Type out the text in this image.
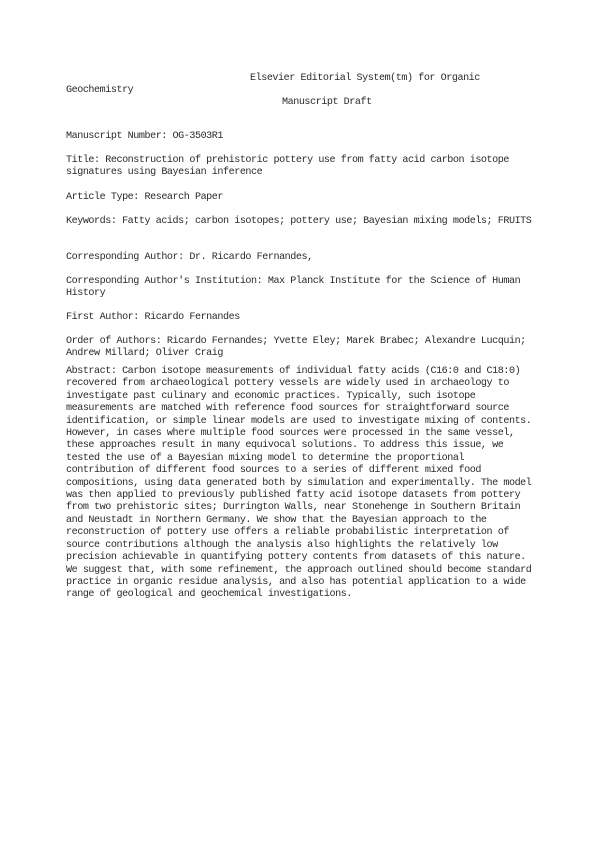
Elsevier Editorial System(tm) for Organic
Geochemistry
Manuscript Draft
Manuscript Number: OG-3503R1
Title: Reconstruction of prehistoric pottery use from fatty acid carbon isotope signatures using Bayesian inference
Article Type: Research Paper
Keywords: Fatty acids; carbon isotopes; pottery use; Bayesian mixing models; FRUITS
Corresponding Author: Dr. Ricardo Fernandes,
Corresponding Author's Institution: Max Planck Institute for the Science of Human History
First Author: Ricardo Fernandes
Order of Authors: Ricardo Fernandes; Yvette Eley; Marek Brabec; Alexandre Lucquin; Andrew Millard; Oliver Craig
Abstract: Carbon isotope measurements of individual fatty acids (C16:0 and C18:0) recovered from archaeological pottery vessels are widely used in archaeology to investigate past culinary and economic practices. Typically, such isotope measurements are matched with reference food sources for straightforward source identification, or simple linear models are used to investigate mixing of contents. However, in cases where multiple food sources were processed in the same vessel, these approaches result in many equivocal solutions. To address this issue, we tested the use of a Bayesian mixing model to determine the proportional contribution of different food sources to a series of different mixed food compositions, using data generated both by simulation and experimentally. The model was then applied to previously published fatty acid isotope datasets from pottery from two prehistoric sites; Durrington Walls, near Stonehenge in Southern Britain and Neustadt in Northern Germany. We show that the Bayesian approach to the reconstruction of pottery use offers a reliable probabilistic interpretation of source contributions although the analysis also highlights the relatively low precision achievable in quantifying pottery contents from datasets of this nature. We suggest that, with some refinement, the approach outlined should become standard practice in organic residue analysis, and also has potential application to a wide range of geological and geochemical investigations.
